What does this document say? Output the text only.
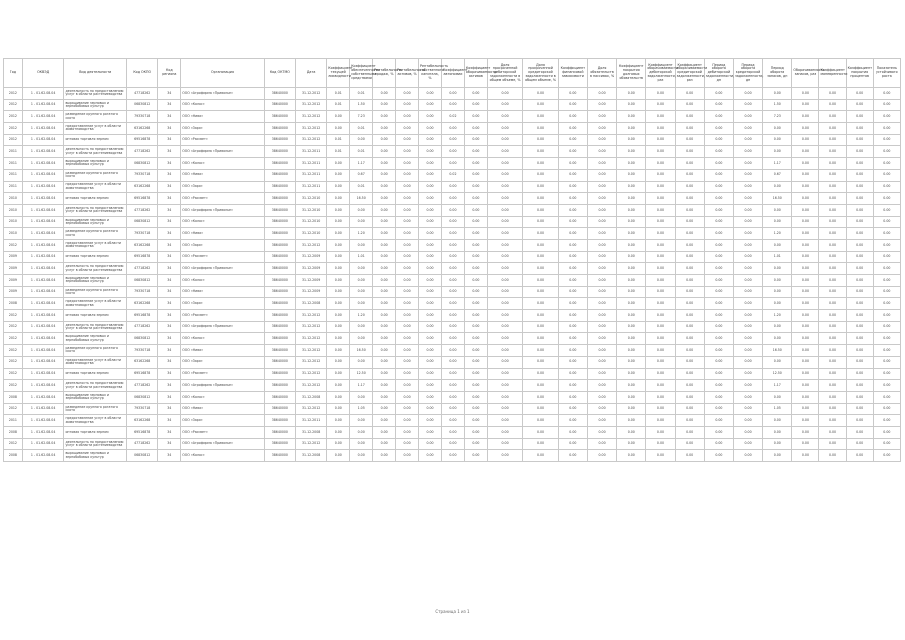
Год	ОКВЭД	Вид деятельности	Код ОКПО	Код региона	Организация	Код ОКТМО	Дата	Коэффициент текущей ликвидности	Коэффициент обеспеченности собственными средствами	Рентабельность продаж, %	Рентабельность активов, %	Рентабельность собственного капитала, %	Коэффициент автономии	Коэффициент оборачиваемости активов	Доля просроченной дебиторской задолженности в общем объеме, %	Доля просроченной кредиторской задолженности в общем объеме, %	Коэффициент финансовой зависимости	Доля обязательств в пассивах, %	Коэффициент покрытия долговых обязательств	Коэффициент оборачиваемости дебиторской задолженности, раз	Коэффициент оборачиваемости кредиторской задолженности, раз	Период оборота дебиторской задолженности, дн	Период оборота кредиторской задолженности, дн	Период оборота запасов, дн	Оборачиваемость запасов, раз	Коэффициент маневренности	Коэффициент покрытия процентов	Показатель устойчивого роста
2012	1 - 01.62.08.04	деятельность по предоставлению услуг в области растениеводства	47718262	34	ООО «Агрофирма «Приволье»	38640000	31.12.2012	0.01	0.01	0.00	0.00	0.00	0.00	0.00	0.00	0.00	0.00	0.00	0.00	0.00	0.00	0.00	0.00	0.00	0.00	0.00	0.00	0.00
2012	1 - 01.62.08.04	выращивание зерновых и зернобобовых культур	06830812	34	ООО «Колос»	38640000	31.12.2012	0.01	1.50	0.00	0.00	0.00	0.00	0.00	0.00	0.00	0.00	0.00	0.00	0.00	0.00	0.00	0.00	1.50	0.00	0.00	0.00	0.00
2012	1 - 01.62.08.04	разведение крупного рогатого скота	79330718	34	ООО «Нива»	38640000	31.12.2012	0.00	7.23	0.00	0.00	0.00	0.02	0.00	0.00	0.00	0.00	0.00	0.00	0.00	0.00	0.00	0.00	7.23	0.00	0.00	0.00	0.00
2012	1 - 01.62.08.04	предоставление услуг в области животноводства	63162268	34	ООО «Заря»	38640000	31.12.2012	0.00	0.01	0.00	0.00	0.00	0.00	0.00	0.00	0.00	0.00	0.00	0.00	0.00	0.00	0.00	0.00	0.00	0.00	0.00	0.00	0.00
2012	1 - 01.62.08.04	оптовая торговля зерном	69516878	34	ООО «Рассвет»	38640000	31.12.2012	0.01	0.00	0.00	0.00	0.00	0.00	0.00	0.00	0.00	0.00	0.00	0.00	0.00	0.00	0.00	0.00	0.00	0.00	0.00	0.00	0.00
2011	1 - 01.62.08.04	деятельность по предоставлению услуг в области растениеводства	47718262	34	ООО «Агрофирма «Приволье»	38640000	31.12.2011	0.01	0.01	0.00	0.00	0.00	0.00	0.00	0.00	0.00	0.00	0.00	0.00	0.00	0.00	0.00	0.00	0.00	0.00	0.00	0.00	0.00
2011	1 - 01.62.08.04	выращивание зерновых и зернобобовых культур	06830812	34	ООО «Колос»	38640000	31.12.2011	0.00	1.17	0.00	0.00	0.00	0.00	0.00	0.00	0.00	0.00	0.00	0.00	0.00	0.00	0.00	0.00	1.17	0.00	0.00	0.00	0.00
2011	1 - 01.62.08.04	разведение крупного рогатого скота	79330718	34	ООО «Нива»	38640000	31.12.2011	0.00	0.67	0.00	0.00	0.00	0.02	0.00	0.00	0.00	0.00	0.00	0.00	0.00	0.00	0.00	0.00	0.67	0.00	0.00	0.00	0.00
2011	1 - 01.62.08.04	предоставление услуг в области животноводства	63162268	34	ООО «Заря»	38640000	31.12.2011	0.00	0.01	0.00	0.00	0.00	0.00	0.00	0.00	0.00	0.00	0.00	0.00	0.00	0.00	0.00	0.00	0.00	0.00	0.00	0.00	0.00
2010	1 - 01.62.08.04	оптовая торговля зерном	69516878	34	ООО «Рассвет»	38640000	31.12.2010	0.00	16.50	0.00	0.00	0.00	0.00	0.00	0.00	0.00	0.00	0.00	0.00	0.00	0.00	0.00	0.00	16.50	0.00	0.00	0.00	0.00
2010	1 - 01.62.08.04	деятельность по предоставлению услуг в области растениеводства	47718262	34	ООО «Агрофирма «Приволье»	38640000	31.12.2010	0.00	0.00	0.00	0.00	0.00	0.00	0.00	0.00	0.00	0.00	0.00	0.00	0.00	0.00	0.00	0.00	0.00	0.00	0.00	0.00	0.00
2010	1 - 01.62.08.04	выращивание зерновых и зернобобовых культур	06830812	34	ООО «Колос»	38640000	31.12.2010	0.00	0.00	0.00	0.00	0.00	0.00	0.00	0.00	0.00	0.00	0.00	0.00	0.00	0.00	0.00	0.00	0.00	0.00	0.00	0.00	0.00
2010	1 - 01.62.08.04	разведение крупного рогатого скота	79330718	34	ООО «Нива»	38640000	31.12.2010	0.00	1.20	0.00	0.00	0.00	0.00	0.00	0.00	0.00	0.00	0.00	0.00	0.00	0.00	0.00	0.00	1.20	0.00	0.00	0.00	0.00
2012	1 - 01.62.08.04	предоставление услуг в области животноводства	63162268	34	ООО «Заря»	38640000	31.12.2012	0.00	0.00	0.00	0.00	0.00	0.00	0.00	0.00	0.00	0.00	0.00	0.00	0.00	0.00	0.00	0.00	0.00	0.00	0.00	0.00	0.00
2009	1 - 01.62.08.04	оптовая торговля зерном	69516878	34	ООО «Рассвет»	38640000	31.12.2009	0.00	1.01	0.00	0.00	0.00	0.00	0.00	0.00	0.00	0.00	0.00	0.00	0.00	0.00	0.00	0.00	1.01	0.00	0.00	0.00	0.00
2009	1 - 01.62.08.04	деятельность по предоставлению услуг в области растениеводства	47718262	34	ООО «Агрофирма «Приволье»	38640000	31.12.2009	0.00	0.00	0.00	0.00	0.00	0.00	0.00	0.00	0.00	0.00	0.00	0.00	0.00	0.00	0.00	0.00	0.00	0.00	0.00	0.00	0.00
2009	1 - 01.62.08.04	выращивание зерновых и зернобобовых культур	06830812	34	ООО «Колос»	38640000	31.12.2009	0.00	0.00	0.00	0.00	0.00	0.00	0.00	0.00	0.00	0.00	0.00	0.00	0.00	0.00	0.00	0.00	0.00	0.00	0.00	0.00	0.00
2009	1 - 01.62.08.04	разведение крупного рогатого скота	79330718	34	ООО «Нива»	38640000	31.12.2009	0.00	0.00	0.00	0.00	0.00	0.00	0.00	0.00	0.00	0.00	0.00	0.00	0.00	0.00	0.00	0.00	0.00	0.00	0.00	0.00	0.00
2008	1 - 01.62.08.04	предоставление услуг в области животноводства	63162268	34	ООО «Заря»	38640000	31.12.2008	0.00	0.00	0.00	0.00	0.00	0.00	0.00	0.00	0.00	0.00	0.00	0.00	0.00	0.00	0.00	0.00	0.00	0.00	0.00	0.00	0.00
2012	1 - 01.62.08.04	оптовая торговля зерном	69516878	34	ООО «Рассвет»	38640000	31.12.2012	0.00	1.20	0.00	0.00	0.00	0.00	0.00	0.00	0.00	0.00	0.00	0.00	0.00	0.00	0.00	0.00	1.20	0.00	0.00	0.00	0.00
2012	1 - 01.62.08.04	деятельность по предоставлению услуг в области растениеводства	47718262	34	ООО «Агрофирма «Приволье»	38640000	31.12.2012	0.00	0.00	0.00	0.00	0.00	0.00	0.00	0.00	0.00	0.00	0.00	0.00	0.00	0.00	0.00	0.00	0.00	0.00	0.00	0.00	0.00
2012	1 - 01.62.08.04	выращивание зерновых и зернобобовых культур	06830812	34	ООО «Колос»	38640000	31.12.2012	0.00	0.00	0.00	0.00	0.00	0.00	0.00	0.00	0.00	0.00	0.00	0.00	0.00	0.00	0.00	0.00	0.00	0.00	0.00	0.00	0.00
2012	1 - 01.62.08.04	разведение крупного рогатого скота	79330718	34	ООО «Нива»	38640000	31.12.2012	0.00	16.50	0.00	0.00	0.00	0.00	0.00	0.00	0.00	0.00	0.00	0.00	0.00	0.00	0.00	0.00	16.50	0.00	0.00	0.00	0.00
2012	1 - 01.62.08.04	предоставление услуг в области животноводства	63162268	34	ООО «Заря»	38640000	31.12.2012	0.00	0.00	0.00	0.00	0.00	0.00	0.00	0.00	0.00	0.00	0.00	0.00	0.00	0.00	0.00	0.00	0.00	0.00	0.00	0.00	0.00
2012	1 - 01.62.08.04	оптовая торговля зерном	69516878	34	ООО «Рассвет»	38640000	31.12.2012	0.00	12.50	0.00	0.00	0.00	0.00	0.00	0.00	0.00	0.00	0.00	0.00	0.00	0.00	0.00	0.00	12.50	0.00	0.00	0.00	0.00
2012	1 - 01.62.08.04	деятельность по предоставлению услуг в области растениеводства	47718262	34	ООО «Агрофирма «Приволье»	38640000	31.12.2012	0.00	1.17	0.00	0.00	0.00	0.00	0.00	0.00	0.00	0.00	0.00	0.00	0.00	0.00	0.00	0.00	1.17	0.00	0.00	0.00	0.00
2008	1 - 01.62.08.04	выращивание зерновых и зернобобовых культур	06830812	34	ООО «Колос»	38640000	31.12.2008	0.00	0.00	0.00	0.00	0.00	0.00	0.00	0.00	0.00	0.00	0.00	0.00	0.00	0.00	0.00	0.00	0.00	0.00	0.00	0.00	0.00
2012	1 - 01.62.08.04	разведение крупного рогатого скота	79330718	34	ООО «Нива»	38640000	31.12.2012	0.00	1.05	0.00	0.00	0.00	0.00	0.00	0.00	0.00	0.00	0.00	0.00	0.00	0.00	0.00	0.00	1.05	0.00	0.00	0.00	0.00
2011	1 - 01.62.08.04	предоставление услуг в области животноводства	63162268	34	ООО «Заря»	38640000	31.12.2011	0.00	0.00	0.00	0.00	0.00	0.00	0.00	0.00	0.00	0.00	0.00	0.00	0.00	0.00	0.00	0.00	0.00	0.00	0.00	0.00	0.00
2008	1 - 01.62.08.04	оптовая торговля зерном	69516878	34	ООО «Рассвет»	38640000	31.12.2008	0.00	0.00	0.00	0.00	0.00	0.00	0.00	0.00	0.00	0.00	0.00	0.00	0.00	0.00	0.00	0.00	0.00	0.00	0.00	0.00	0.00
2012	1 - 01.62.08.04	деятельность по предоставлению услуг в области растениеводства	47718262	34	ООО «Агрофирма «Приволье»	38640000	31.12.2012	0.00	0.00	0.00	0.00	0.00	0.00	0.00	0.00	0.00	0.00	0.00	0.00	0.00	0.00	0.00	0.00	0.00	0.00	0.00	0.00	0.00
2008	1 - 01.62.08.04	выращивание зерновых и зернобобовых культур	06830812	34	ООО «Колос»	38640000	31.12.2008	0.00	0.00	0.00	0.00	0.00	0.00	0.00	0.00	0.00	0.00	0.00	0.00	0.00	0.00	0.00	0.00	0.00	0.00	0.00	0.00	0.00
Страница 1 из 1
